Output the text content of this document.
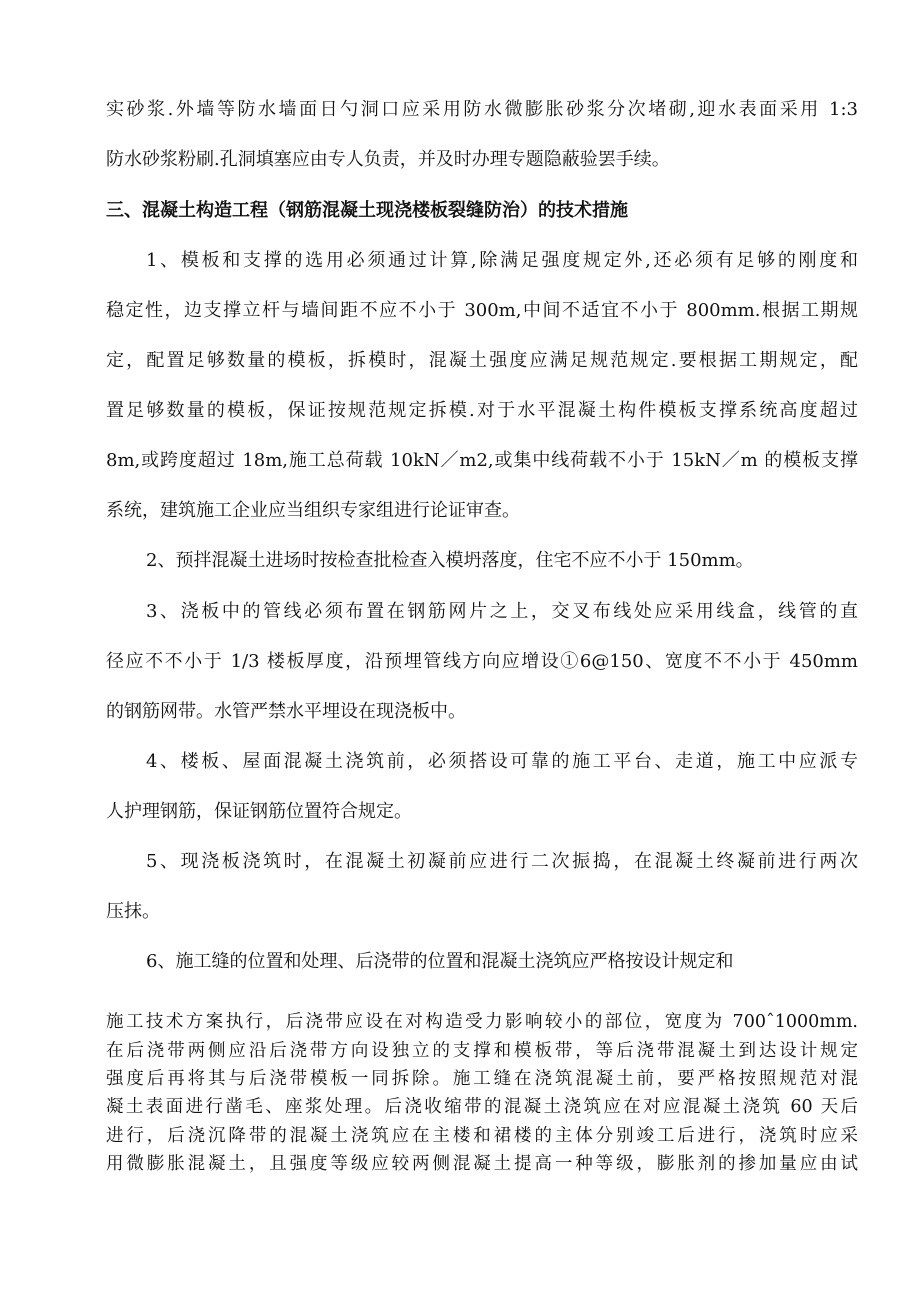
实砂浆.外墙等防水墙面日勺洞口应采用防水微膨胀砂浆分次堵砌,迎水表面采用 1:3
防水砂浆粉刷.孔洞填塞应由专人负责，并及时办理专题隐蔽验罢手续。
三、混凝土构造工程（钢筋混凝土现浇楼板裂缝防治）的技术措施
1、模板和支撑的选用必须通过计算,除满足强度规定外,还必须有足够的刚度和
稳定性，边支撑立杆与墙间距不应不小于 300m,中间不适宜不小于 800mm.根据工期规
定，配置足够数量的模板，拆模时，混凝土强度应满足规范规定.要根据工期规定，配
置足够数量的模板，保证按规范规定拆模.对于水平混凝土构件模板支撑系统高度超过
8m,或跨度超过 18m,施工总荷载 10kN／m2,或集中线荷载不小于 15kN／m 的模板支撑
系统，建筑施工企业应当组织专家组进行论证审查。
2、预拌混凝土进场时按检查批检查入模坍落度，住宅不应不小于 150mm。
3、浇板中的管线必须布置在钢筋网片之上，交叉布线处应采用线盒，线管的直
径应不不小于 1/3 楼板厚度，沿预埋管线方向应增设①6@150、宽度不不小于 450mm
的钢筋网带。水管严禁水平埋设在现浇板中。
4、楼板、屋面混凝土浇筑前，必须搭设可靠的施工平台、走道，施工中应派专
人护理钢筋，保证钢筋位置符合规定。
5、现浇板浇筑时，在混凝土初凝前应进行二次振捣，在混凝土终凝前进行两次
压抹。
6、施工缝的位置和处理、后浇带的位置和混凝土浇筑应严格按设计规定和
施工技术方案执行，后浇带应设在对构造受力影响较小的部位，宽度为 700ˆ1000mm.
在后浇带两侧应沿后浇带方向设独立的支撑和模板带，等后浇带混凝土到达设计规定
强度后再将其与后浇带模板一同拆除。施工缝在浇筑混凝土前，要严格按照规范对混
凝土表面进行凿毛、座浆处理。后浇收缩带的混凝土浇筑应在对应混凝土浇筑 60 天后
进行，后浇沉降带的混凝土浇筑应在主楼和裙楼的主体分别竣工后进行，浇筑时应采
用微膨胀混凝土，且强度等级应较两侧混凝土提高一种等级，膨胀剂的掺加量应由试
